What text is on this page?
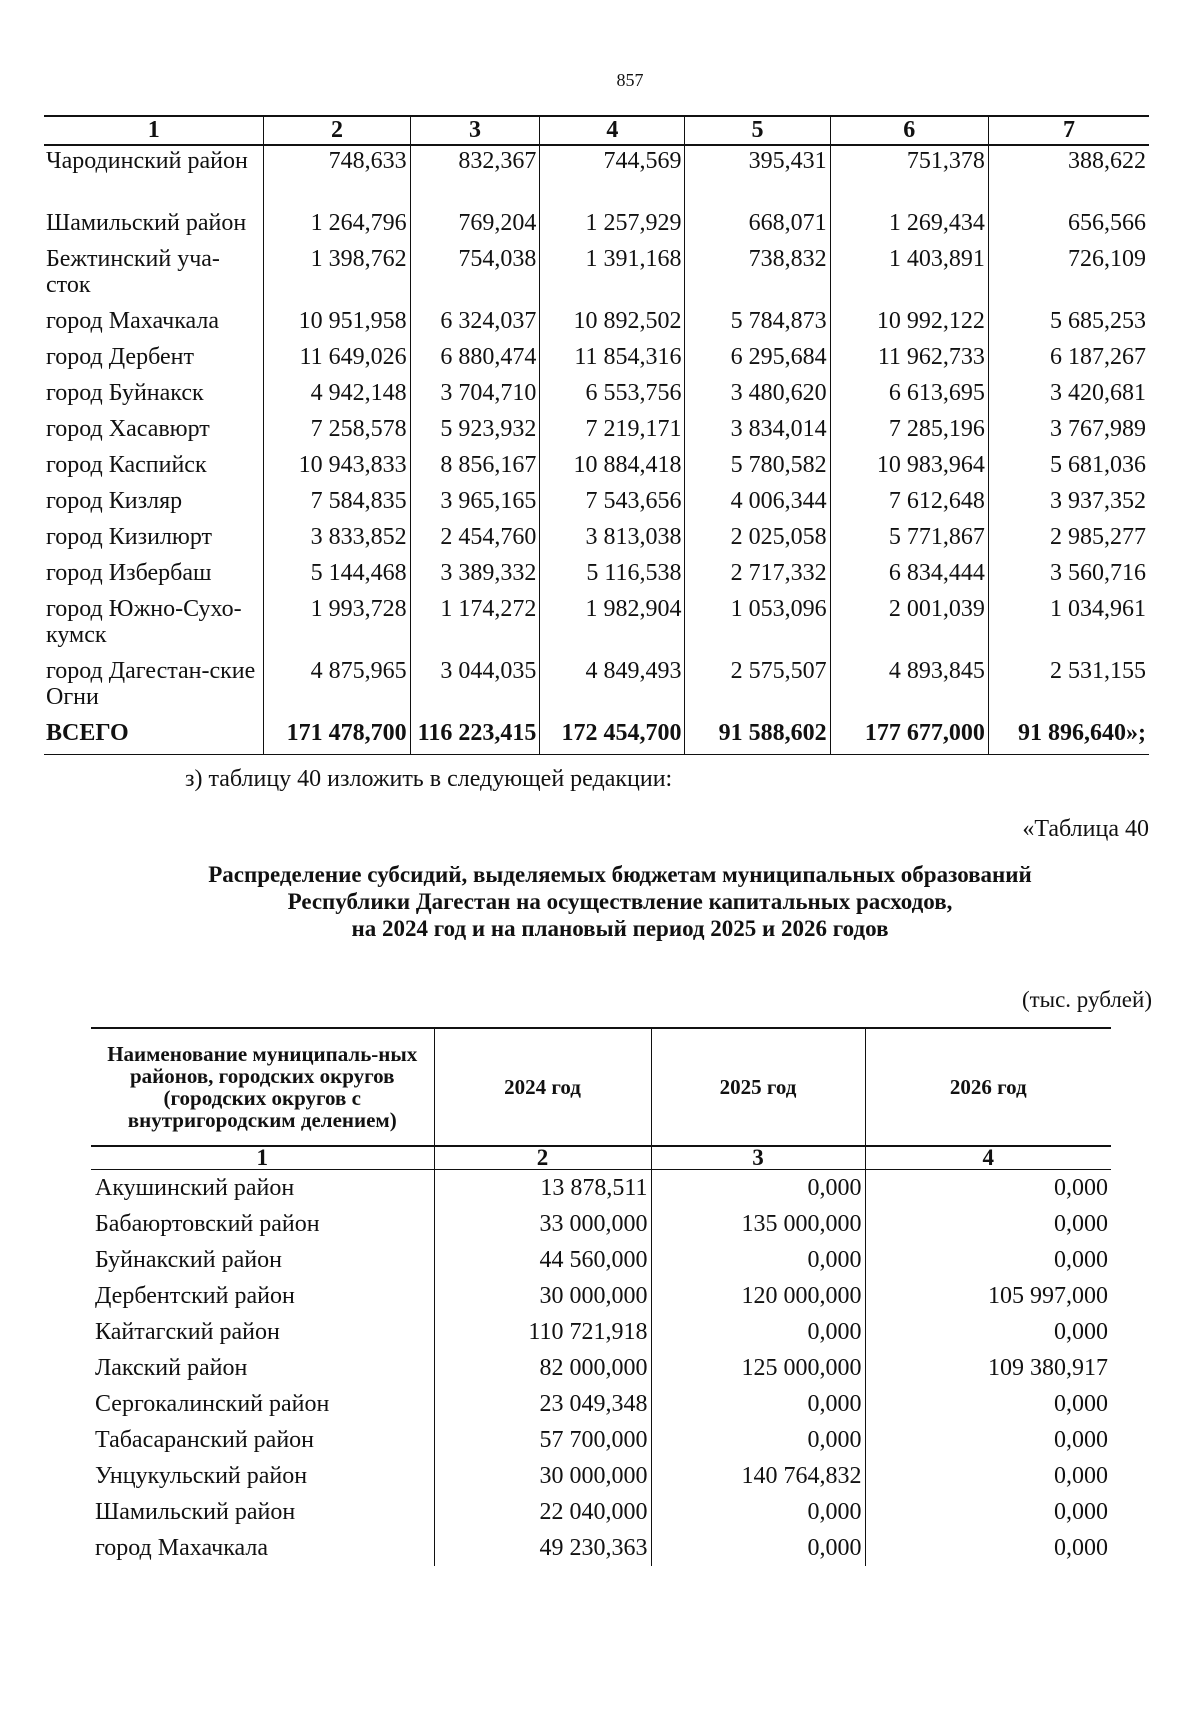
857
1	2	3	4	5	6	7
Чародинский район	748,633	832,367	744,569	395,431	751,378	388,622
Шамильский район	1 264,796	769,204	1 257,929	668,071	1 269,434	656,566
Бежтинский уча-сток	1 398,762	754,038	1 391,168	738,832	1 403,891	726,109
город Махачкала	10 951,958	6 324,037	10 892,502	5 784,873	10 992,122	5 685,253
город Дербент	11 649,026	6 880,474	11 854,316	6 295,684	11 962,733	6 187,267
город Буйнакск	4 942,148	3 704,710	6 553,756	3 480,620	6 613,695	3 420,681
город Хасавюрт	7 258,578	5 923,932	7 219,171	3 834,014	7 285,196	3 767,989
город Каспийск	10 943,833	8 856,167	10 884,418	5 780,582	10 983,964	5 681,036
город Кизляр	7 584,835	3 965,165	7 543,656	4 006,344	7 612,648	3 937,352
город Кизилюрт	3 833,852	2 454,760	3 813,038	2 025,058	5 771,867	2 985,277
город Избербаш	5 144,468	3 389,332	5 116,538	2 717,332	6 834,444	3 560,716
город Южно-Сухо-кумск	1 993,728	1 174,272	1 982,904	1 053,096	2 001,039	1 034,961
город Дагестан-ские Огни	4 875,965	3 044,035	4 849,493	2 575,507	4 893,845	2 531,155
ВСЕГО	171 478,700	116 223,415	172 454,700	91 588,602	177 677,000	91 896,640»;
з) таблицу 40 изложить в следующей редакции:
«Таблица 40
Распределение субсидий, выделяемых бюджетам муниципальных образований
Республики Дагестан на осуществление капитальных расходов,
на 2024 год и на плановый период 2025 и 2026 годов
(тыс. рублей)
Наименование муниципаль-ных районов, городских округов (городских округов с внутригородским делением)	2024 год	2025 год	2026 год
1	2	3	4
Акушинский район	13 878,511	0,000	0,000
Бабаюртовский район	33 000,000	135 000,000	0,000
Буйнакский район	44 560,000	0,000	0,000
Дербентский район	30 000,000	120 000,000	105 997,000
Кайтагский район	110 721,918	0,000	0,000
Лакский район	82 000,000	125 000,000	109 380,917
Сергокалинский район	23 049,348	0,000	0,000
Табасаранский район	57 700,000	0,000	0,000
Унцукульский район	30 000,000	140 764,832	0,000
Шамильский район	22 040,000	0,000	0,000
город Махачкала	49 230,363	0,000	0,000
